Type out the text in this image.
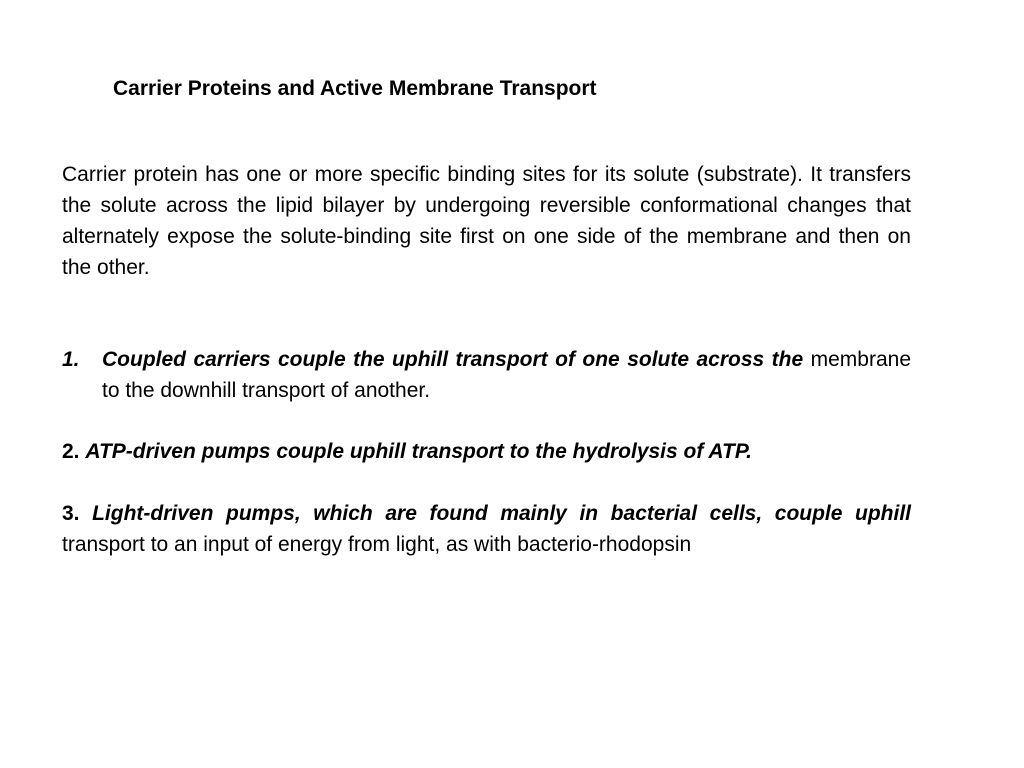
Carrier Proteins and Active Membrane Transport

Carrier protein has one or more specific binding sites for its solute (substrate). It transfers the solute across the lipid bilayer by undergoing reversible conformational changes that alternately expose the solute-binding site first on one side of the membrane and then on the other.

1.	Coupled carriers couple the uphill transport of one solute across the membrane to the downhill transport of another.

2. ATP-driven pumps couple uphill transport to the hydrolysis of ATP.

3. Light-driven pumps, which are found mainly in bacterial cells, couple uphill transport to an input of energy from light, as with bacterio-rhodopsin
